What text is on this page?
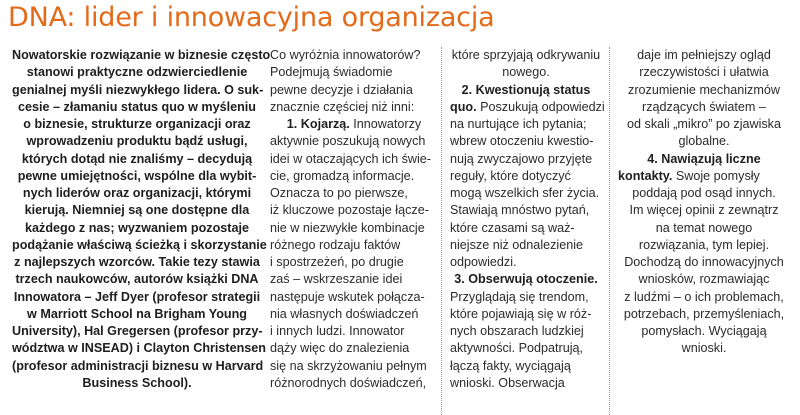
DNA: lider i innowacyjna organizacja
Nowatorskie rozwiązanie w biznesie często
stanowi praktyczne odzwierciedlenie
genialnej myśli niezwykłego lidera. O suk-
cesie – złamaniu status quo w myśleniu
o biznesie, strukturze organizacji oraz
wprowadzeniu produktu bądź usługi,
których dotąd nie znaliśmy – decydują
pewne umiejętności, wspólne dla wybit-
nych liderów oraz organizacji, którymi
kierują. Niemniej są one dostępne dla
każdego z nas; wyzwaniem pozostaje
podążanie właściwą ścieżką i skorzystanie
z najlepszych wzorców. Takie tezy stawia
trzech naukowców, autorów książki DNA
Innowatora – Jeff Dyer (profesor strategii
w Marriott School na Brigham Young
University), Hal Gregersen (profesor przy-
wództwa w INSEAD) i Clayton Christensen
(profesor administracji biznesu w Harvard
Business School).
Co wyróżnia innowatorów?
Podejmują świadomie
pewne decyzje i działania
znacznie częściej niż inni:
1. Kojarzą. Innowatorzy
aktywnie poszukują nowych
idei w otaczających ich świe-
cie, gromadzą informacje.
Oznacza to po pierwsze,
iż kluczowe pozostaje łącze-
nie w niezwykłe kombinacje
różnego rodzaju faktów
i spostrzeżeń, po drugie
zaś – wskrzeszanie idei
następuje wskutek połącza-
nia własnych doświadczeń
i innych ludzi. Innowator
dąży więc do znalezienia
się na skrzyżowaniu pełnym
różnorodnych doświadczeń,
które sprzyjają odkrywaniu
nowego.
2. Kwestionują status
quo. Poszukują odpowiedzi
na nurtujące ich pytania;
wbrew otoczeniu kwestio-
nują zwyczajowo przyjęte
reguły, które dotyczyć
mogą wszelkich sfer życia.
Stawiają mnóstwo pytań,
które czasami są waż-
niejsze niż odnalezienie
odpowiedzi.
3. Obserwują otoczenie.
Przyglądają się trendom,
które pojawiają się w róż-
nych obszarach ludzkiej
aktywności. Podpatrują,
łączą fakty, wyciągają
wnioski. Obserwacja
daje im pełniejszy ogląd
rzeczywistości i ułatwia
zrozumienie mechanizmów
rządzących światem –
od skali „mikro” po zjawiska
globalne.
4. Nawiązują liczne
kontakty. Swoje pomysły
poddają pod osąd innych.
Im więcej opinii z zewnątrz
na temat nowego
rozwiązania, tym lepiej.
Dochodzą do innowacyjnych
wniosków, rozmawiając
z ludźmi – o ich problemach,
potrzebach, przemyśleniach,
pomysłach. Wyciągają
wnioski.
